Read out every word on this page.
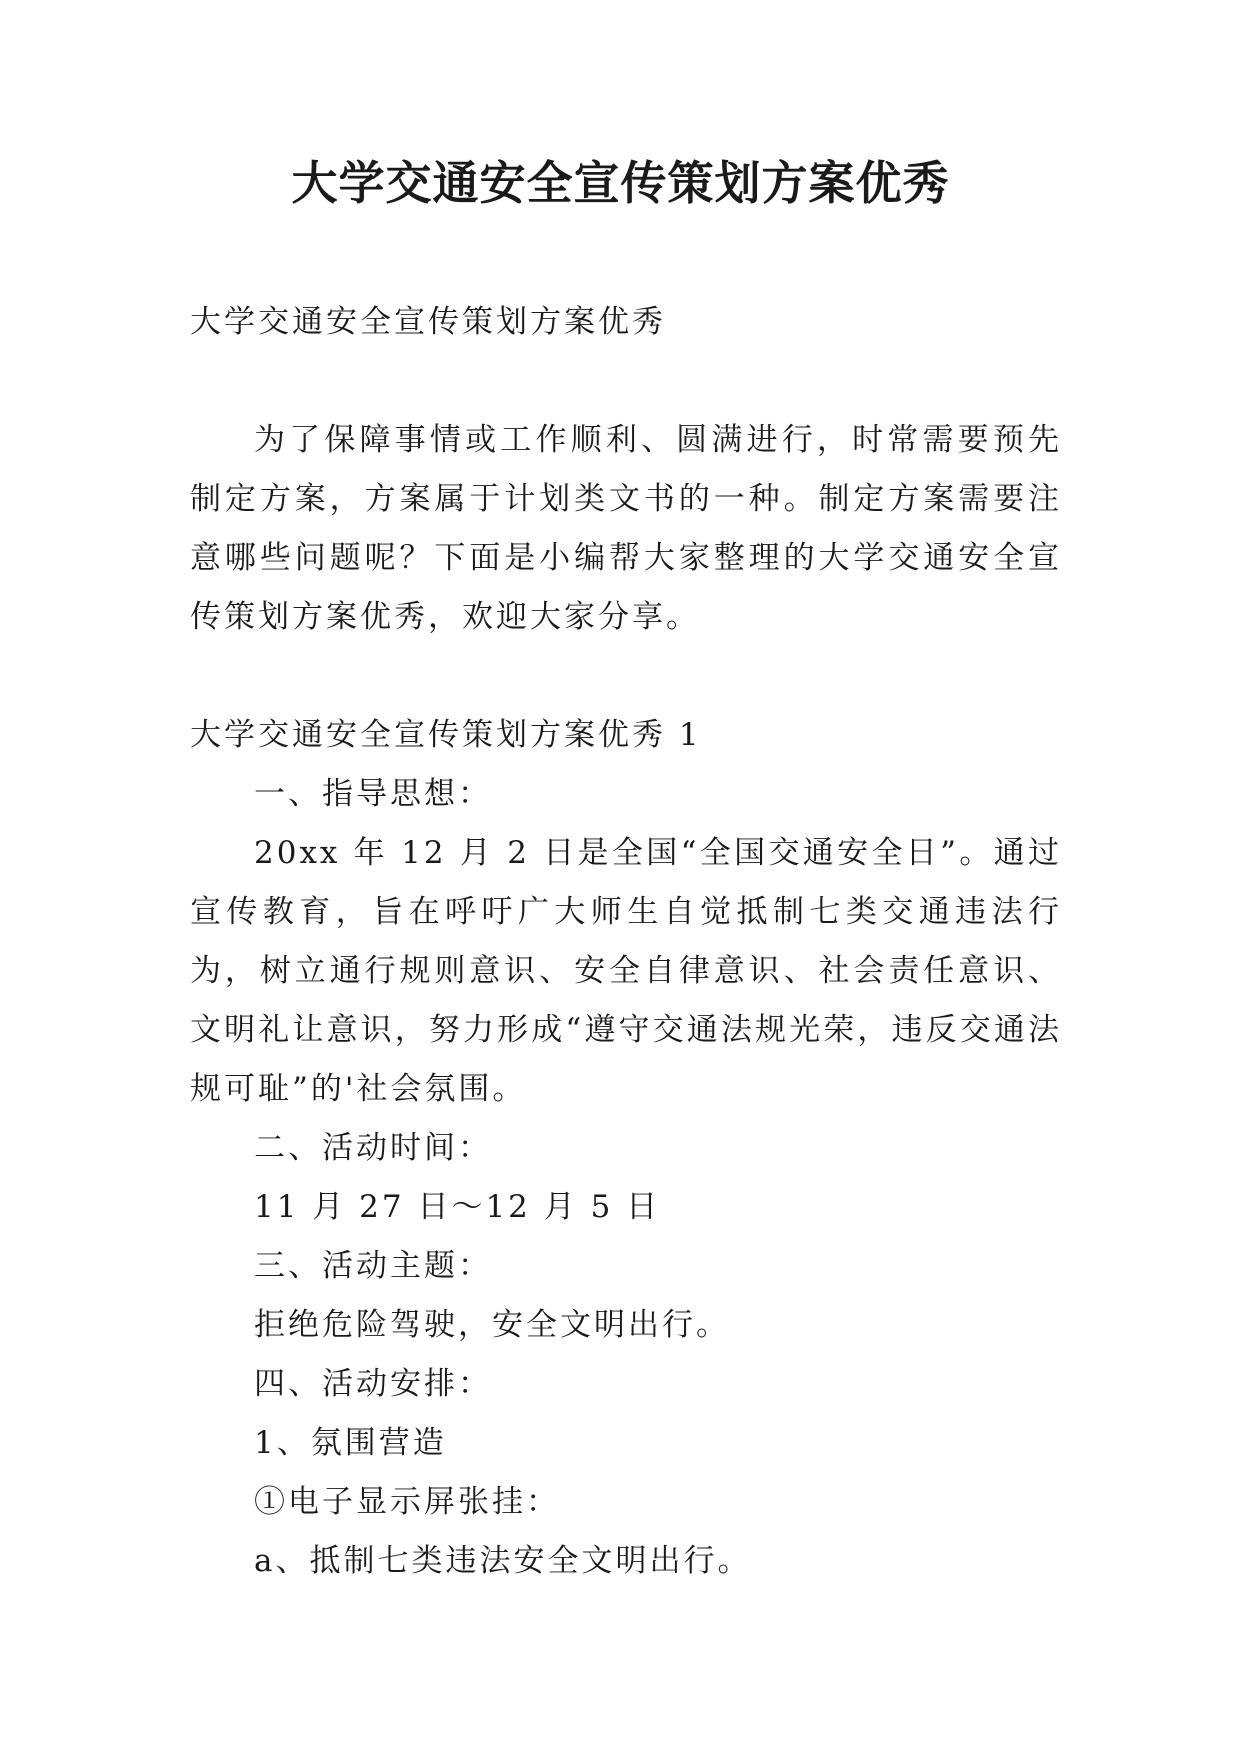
大学交通安全宣传策划方案优秀

大学交通安全宣传策划方案优秀

为了保障事情或工作顺利、圆满进行，时常需要预先制定方案，方案属于计划类文书的一种。制定方案需要注意哪些问题呢？下面是小编帮大家整理的大学交通安全宣传策划方案优秀，欢迎大家分享。

大学交通安全宣传策划方案优秀 1

一、指导思想：

20xx 年 12 月 2 日是全国“全国交通安全日”。通过宣传教育，旨在呼吁广大师生自觉抵制七类交通违法行为，树立通行规则意识、安全自律意识、社会责任意识、文明礼让意识，努力形成“遵守交通法规光荣，违反交通法规可耻”的'社会氛围。

二、活动时间：

11 月 27 日～12 月 5 日

三、活动主题：

拒绝危险驾驶，安全文明出行。

四、活动安排：

1、氛围营造

①电子显示屏张挂：

a、抵制七类违法安全文明出行。
